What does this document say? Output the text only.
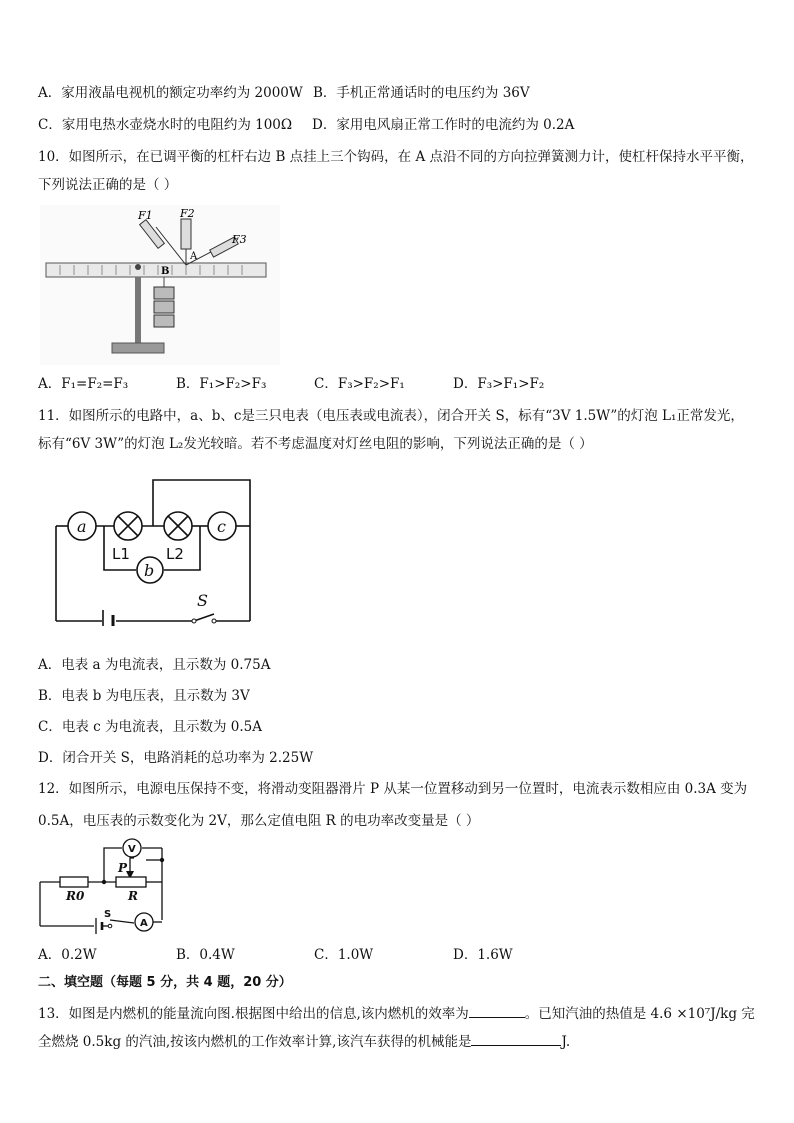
A．家用液晶电视机的额定功率约为 2000W B．手机正常通话时的电压约为 36V
C．家用电热水壶烧水时的电阻约为 100Ω D．家用电风扇正常工作时的电流约为 0.2A
10．如图所示，在已调平衡的杠杆右边 B 点挂上三个钩码，在 A 点沿不同的方向拉弹簧测力计，使杠杆保持水平平衡，
下列说法正确的是（ ）
F1 F2
F3
A
B
A．F₁=F₂=F₃	B．F₁>F₂>F₃	C．F₃>F₂>F₁	D．F₃>F₁>F₂
11．如图所示的电路中，a、b、c是三只电表（电压表或电流表），闭合开关 S，标有“3V 1.5W”的灯泡 L₁正常发光，
标有“6V 3W”的灯泡 L₂发光较暗。若不考虑温度对灯丝电阻的影响，下列说法正确的是（ ）
a
b
c
S
L1 L2
A．电表 a 为电流表，且示数为 0.75A
B．电表 b 为电压表，且示数为 3V
C．电表 c 为电流表，且示数为 0.5A
D．闭合开关 S，电路消耗的总功率为 2.25W
12．如图所示，电源电压保持不变，将滑动变阻器滑片 P 从某一位置移动到另一位置时，电流表示数相应由 0.3A 变为
0.5A，电压表的示数变化为 2V，那么定值电阻 R 的电功率改变量是（ ）
V
A
S
P
R0	R
A．0.2W	B．0.4W	C．1.0W	D．1.6W
二、填空题（每题 5 分，共 4 题，20 分）
13．如图是内燃机的能量流向图.根据图中给出的信息,该内燃机的效率为	。已知汽油的热值是 4.6 ×10⁷J/kg 完
全燃烧 0.5kg 的汽油,按该内燃机的工作效率计算,该汽车获得的机械能是	J.
